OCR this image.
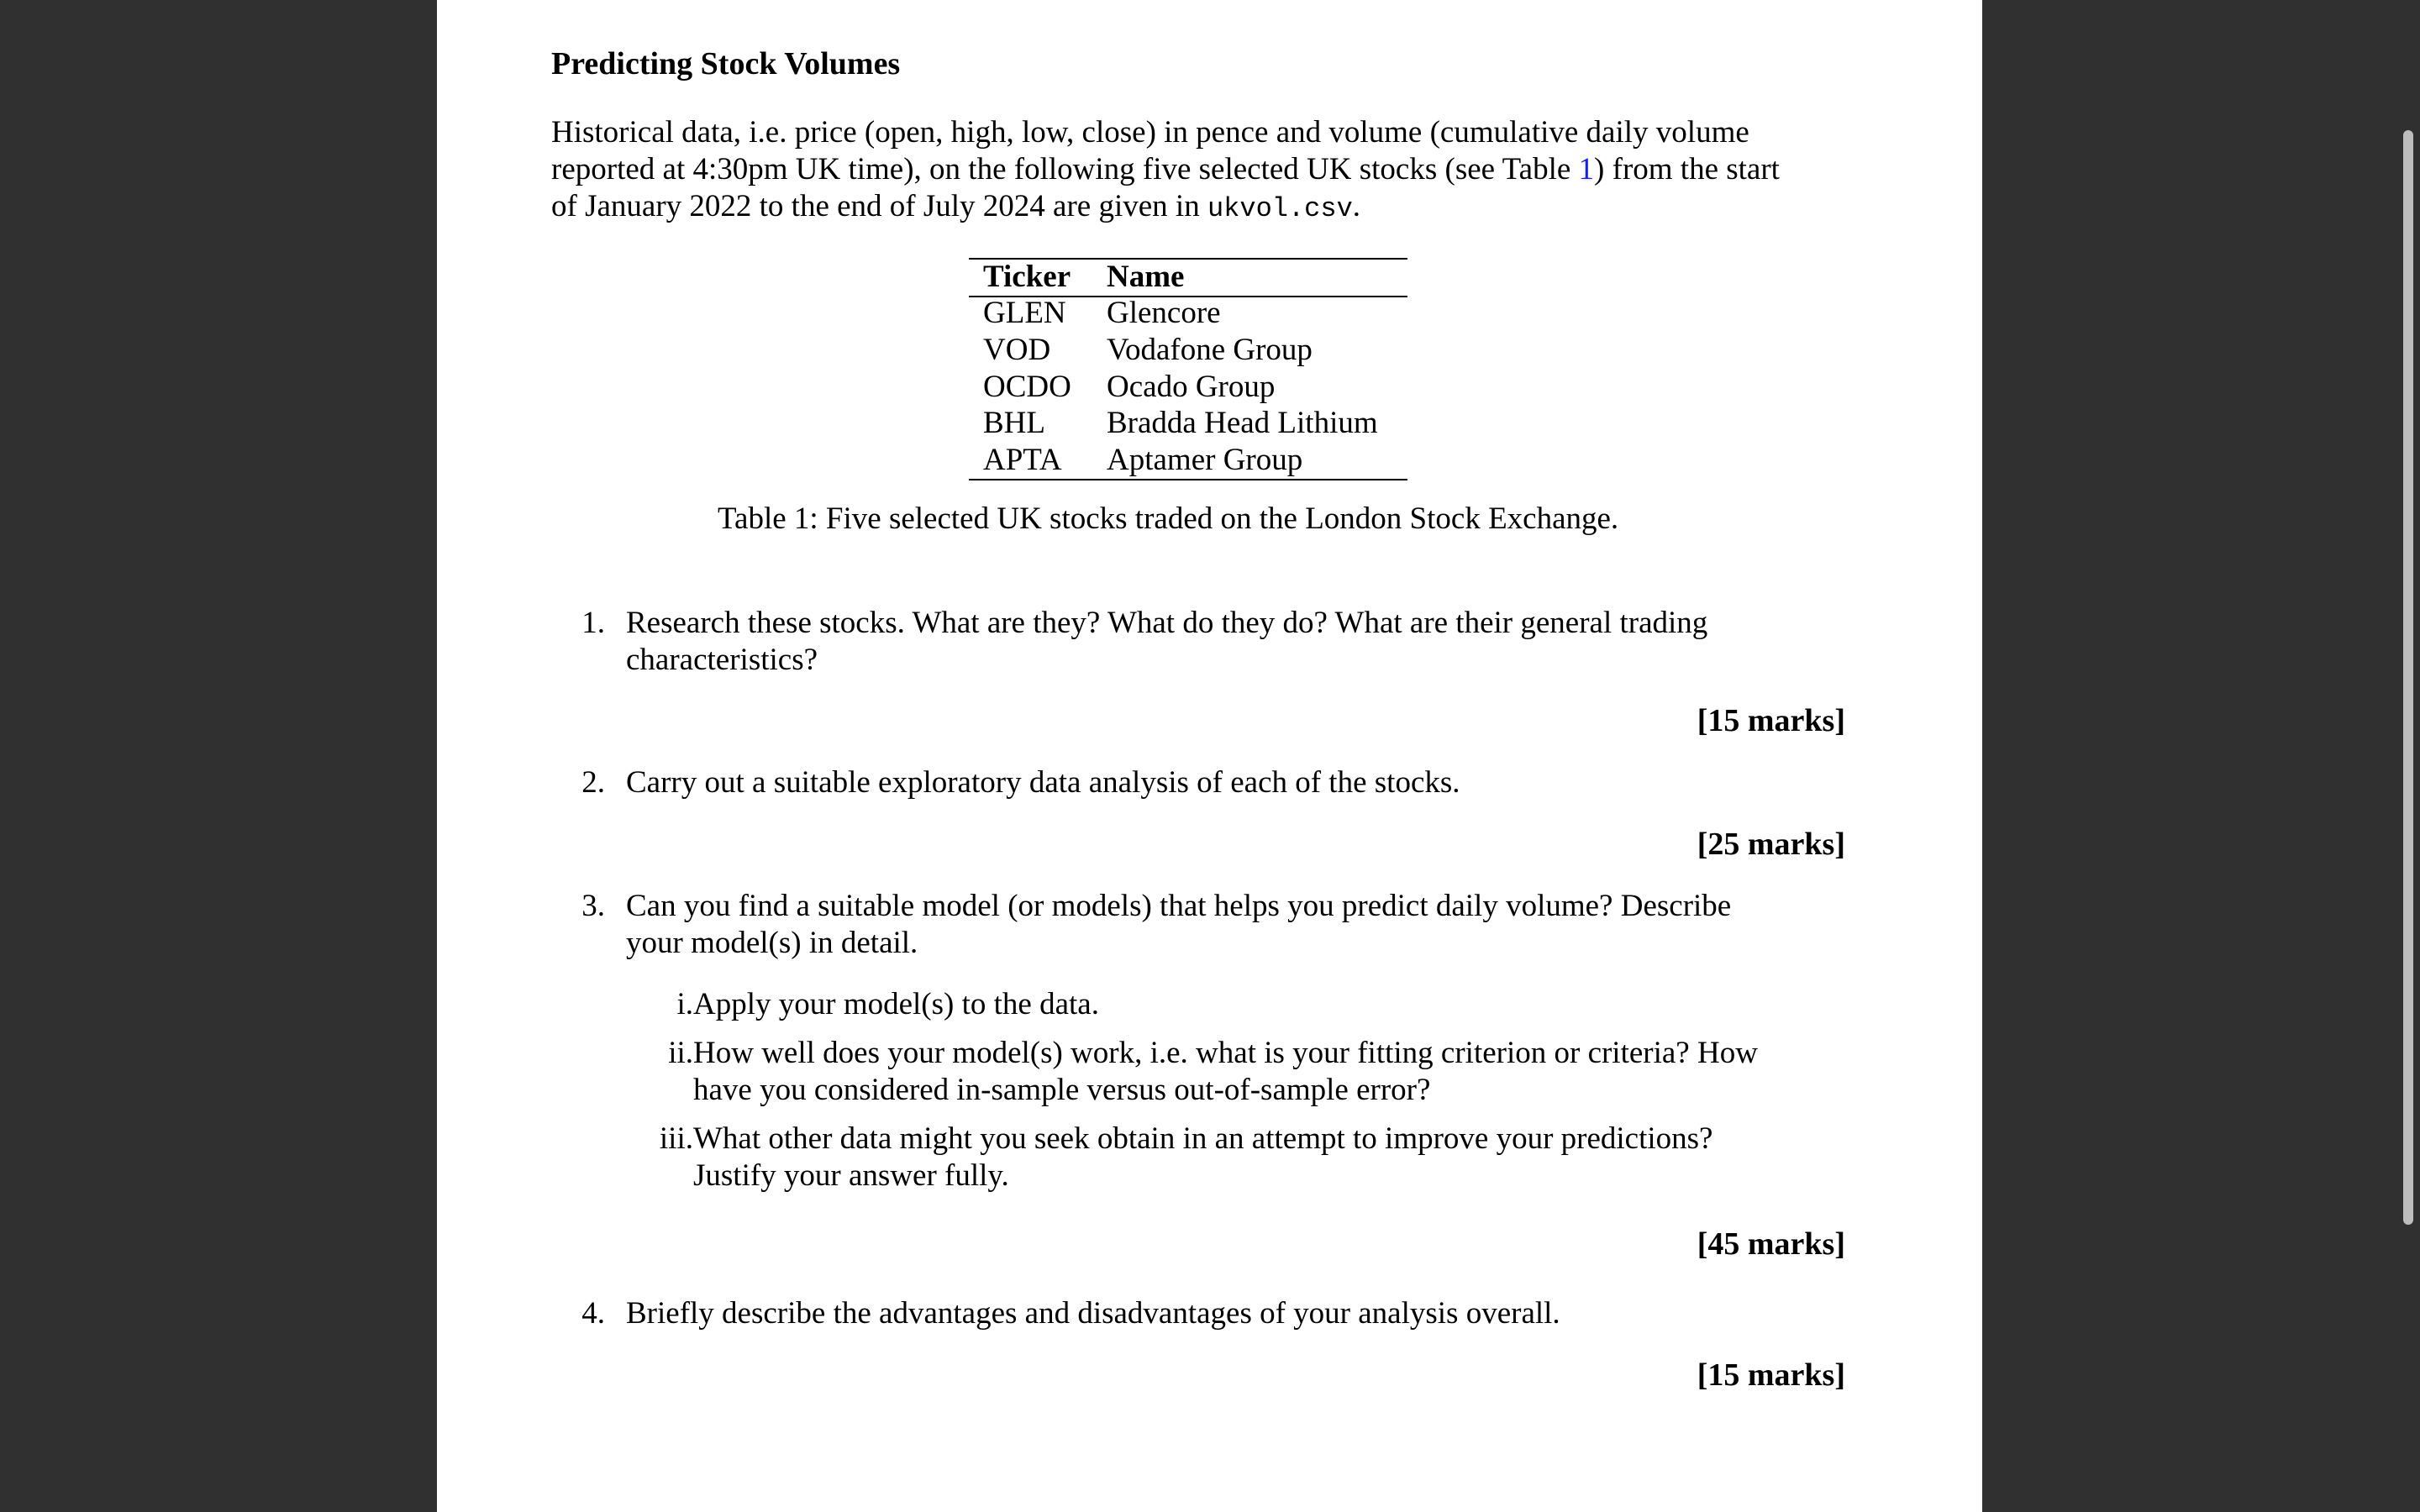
Predicting Stock Volumes
Historical data, i.e. price (open, high, low, close) in pence and volume (cumulative daily volume
reported at 4:30pm UK time), on the following five selected UK stocks (see Table 1) from the start
of January 2022 to the end of July 2024 are given in ukvol.csv.
Ticker Name
GLEN Glencore
VOD Vodafone Group
OCDO Ocado Group
BHL Bradda Head Lithium
APTA Aptamer Group
Table 1: Five selected UK stocks traded on the London Stock Exchange.
1. Research these stocks. What are they? What do they do? What are their general trading
characteristics?
[15 marks]
2. Carry out a suitable exploratory data analysis of each of the stocks.
[25 marks]
3. Can you find a suitable model (or models) that helps you predict daily volume? Describe
your model(s) in detail.
i. Apply your model(s) to the data.
ii. How well does your model(s) work, i.e. what is your fitting criterion or criteria? How
have you considered in-sample versus out-of-sample error?
iii. What other data might you seek obtain in an attempt to improve your predictions?
Justify your answer fully.
[45 marks]
4. Briefly describe the advantages and disadvantages of your analysis overall.
[15 marks]
